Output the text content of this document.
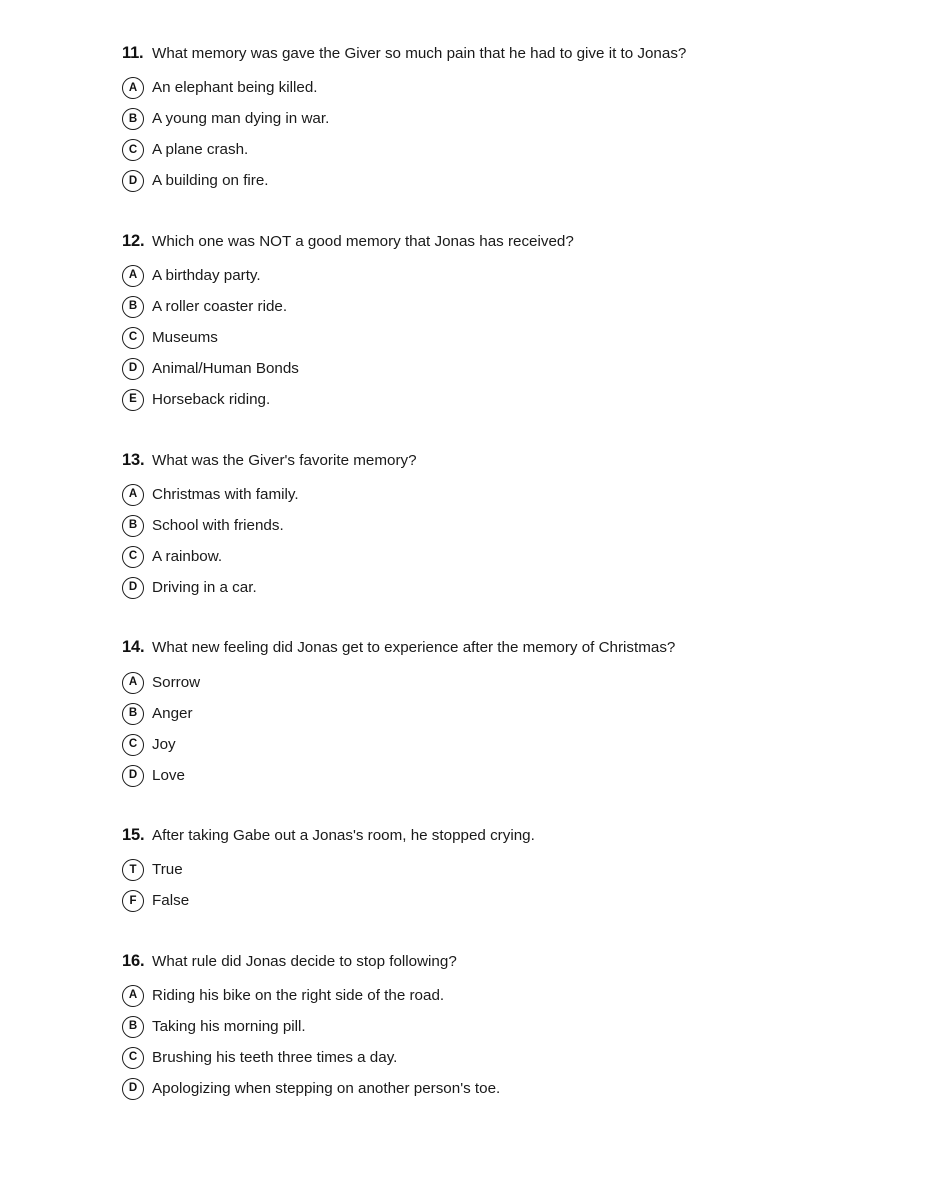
11. What memory was gave the Giver so much pain that he had to give it to Jonas?
A An elephant being killed.
B A young man dying in war.
C A plane crash.
D A building on fire.
12. Which one was NOT a good memory that Jonas has received?
A A birthday party.
B A roller coaster ride.
C Museums
D Animal/Human Bonds
E Horseback riding.
13. What was the Giver's favorite memory?
A Christmas with family.
B School with friends.
C A rainbow.
D Driving in a car.
14. What new feeling did Jonas get to experience after the memory of Christmas?
A Sorrow
B Anger
C Joy
D Love
15. After taking Gabe out a Jonas's room, he stopped crying.
T	True
F	False
16. What rule did Jonas decide to stop following?
A Riding his bike on the right side of the road.
B Taking his morning pill.
C Brushing his teeth three times a day.
D Apologizing when stepping on another person's toe.
